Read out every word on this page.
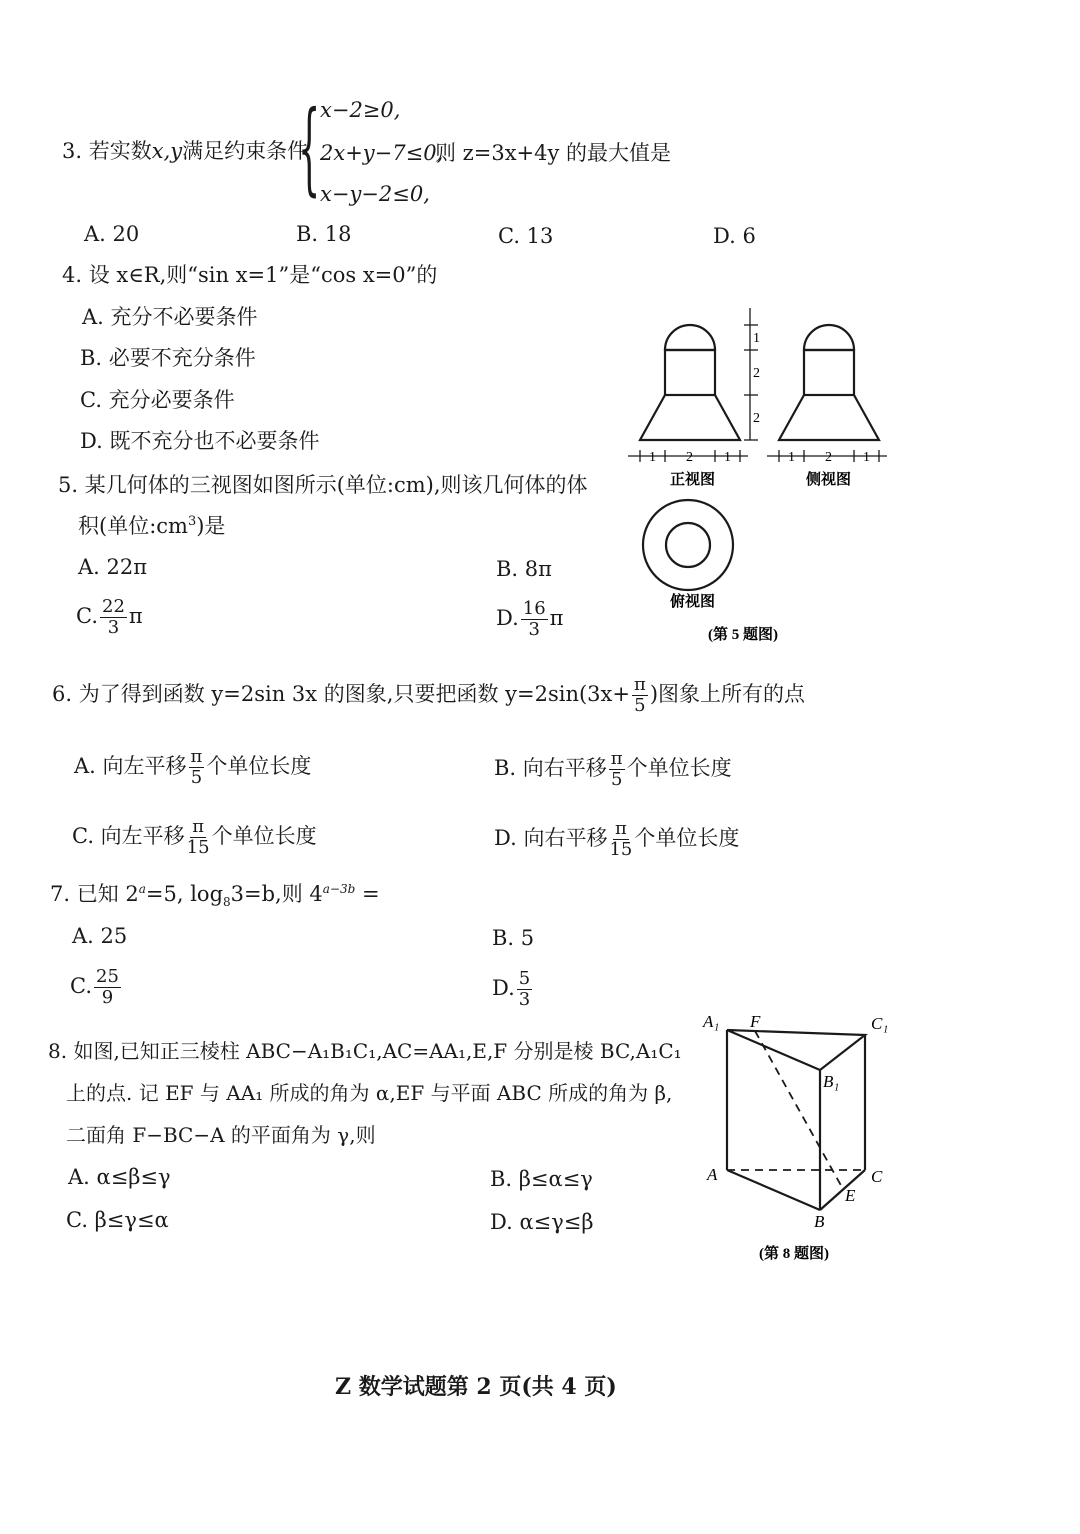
3. 若实数x,y满足约束条件
{ x−2≥0,
2x+y−7≤0,
x−y−2≤0,
则 z=3x+4y 的最大值是
A. 20	B. 18	C. 13	D. 6
4. 设 x∈R,则“sin x=1”是“cos x=0”的
A. 充分不必要条件
B. 必要不充分条件
C. 充分必要条件
D. 既不充分也不必要条件
5. 某几何体的三视图如图所示(单位:cm),则该几何体的体
积(单位$:cm^3$)是
A. 22π	B. 8π
C. $\frac{22}{3}$ π	D. $\frac{16}{3}$ π
1
2
2
1 2 1	1 2 1
正视图	侧视图
俯视图
(第 5 题图)
6. 为了得到函数 y=2sin 3x 的图象,只要把函数 $y=2\sin(3x+ \frac{\pi}{5}$ )图象上所有的点
A. 向左平移 $\frac{\pi}{5}$ 个单位长度	B. 向右平移 $\frac{\pi}{5}$ 个单位长度
C. 向左平移 $\frac{\pi}{15}$ 个单位长度	D. 向右平移 $\frac{\pi}{15}$ 个单位长度
7. 已知 $2^a=5$, $\log_83=b$,则 $4^{a-3b}$ =
A. 25	B. 5
C. $\frac{25}{9}$	D. $\frac{5}{3}$
8. 如图,已知正三棱柱 ABC−A₁B₁C₁,AC=AA₁,E,F 分别是棱 BC,A₁C₁
上的点. 记 EF 与 AA₁ 所成的角为 α,EF 与平面 ABC 所成的角为 β,
二面角 F−BC−A 的平面角为 γ,则
A. α≤β≤γ	B. β≤α≤γ
C. β≤γ≤α	D. α≤γ≤β
A₁ F	C₁
B₁
A	C
E
B
(第 8 题图)
Z 数学试题第 2 页(共 4 页)
